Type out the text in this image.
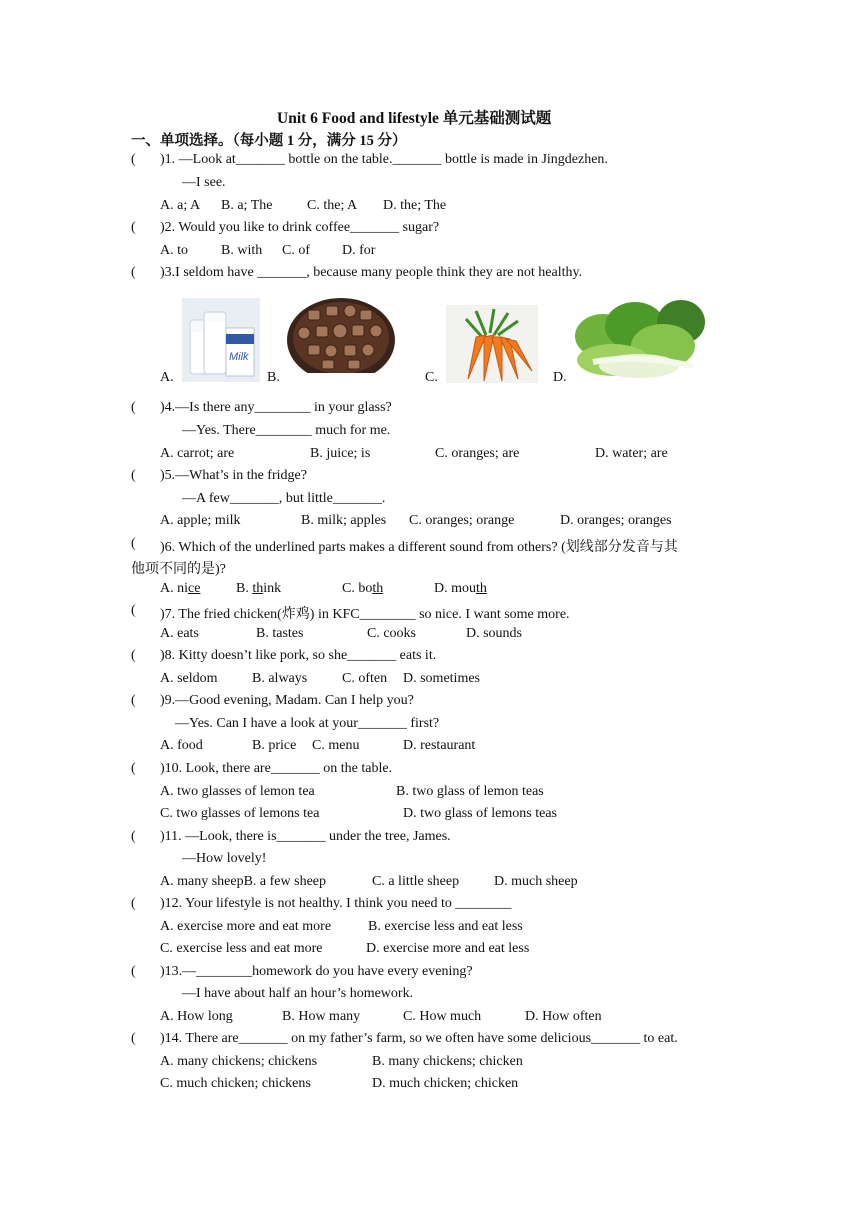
Unit 6 Food and lifestyle 单元基础测试题
一、单项选择。（每小题 1 分，满分 15 分）
( )1. —Look at_______ bottle on the table._______ bottle is made in Jingdezhen.
—I see.
A. a; A B. a; The C. the; A D. the; The
( )2. Would you like to drink coffee_______ sugar?
A. to B. with C. of D. for
( )3.I seldom have _______, because many people think they are not healthy.
Milk
A.	B.	C.	D.
( )4.—Is there any________ in your glass?
—Yes. There________ much for me.
A. carrot; are	B. juice; is	C. oranges; are	D. water; are
( )5.—What’s in the fridge?
—A few_______, but little_______.
A. apple; milk	B. milk; apples C. oranges; orange	D. oranges; oranges
( )6. Which of the underlined parts makes a different sound from others? (划线部分发音与其
他项不同的是)?
A. nice	B. think	C. both	D. mouth
( )7. The fried chicken(炸鸡) in KFC________ so nice. I want some more.
A. eats	B. tastes	C. cooks	D. sounds
( )8. Kitty doesn’t like pork, so she_______ eats it.
A. seldom B. always C. often D. sometimes
( )9.—Good evening, Madam. Can I help you?
—Yes. Can I have a look at your_______ first?
A. food	B. price C. menu	D. restaurant
( )10. Look, there are_______ on the table.
A. two glasses of lemon tea	B. two glass of lemon teas
C. two glasses of lemons tea	D. two glass of lemons teas
( )11. —Look, there is_______ under the tree, James.
—How lovely!
A. many sheepB. a few sheep	C. a little sheep D. much sheep
( )12. Your lifestyle is not healthy. I think you need to ________
A. exercise more and eat more	B. exercise less and eat less
C. exercise less and eat more	D. exercise more and eat less
( )13.—________homework do you have every evening?
—I have about half an hour’s homework.
A. How long	B. How many	C. How much	D. How often
( )14. There are_______ on my father’s farm, so we often have some delicious_______ to eat.
A. many chickens; chickens	B. many chickens; chicken
C. much chicken; chickens	D. much chicken; chicken
